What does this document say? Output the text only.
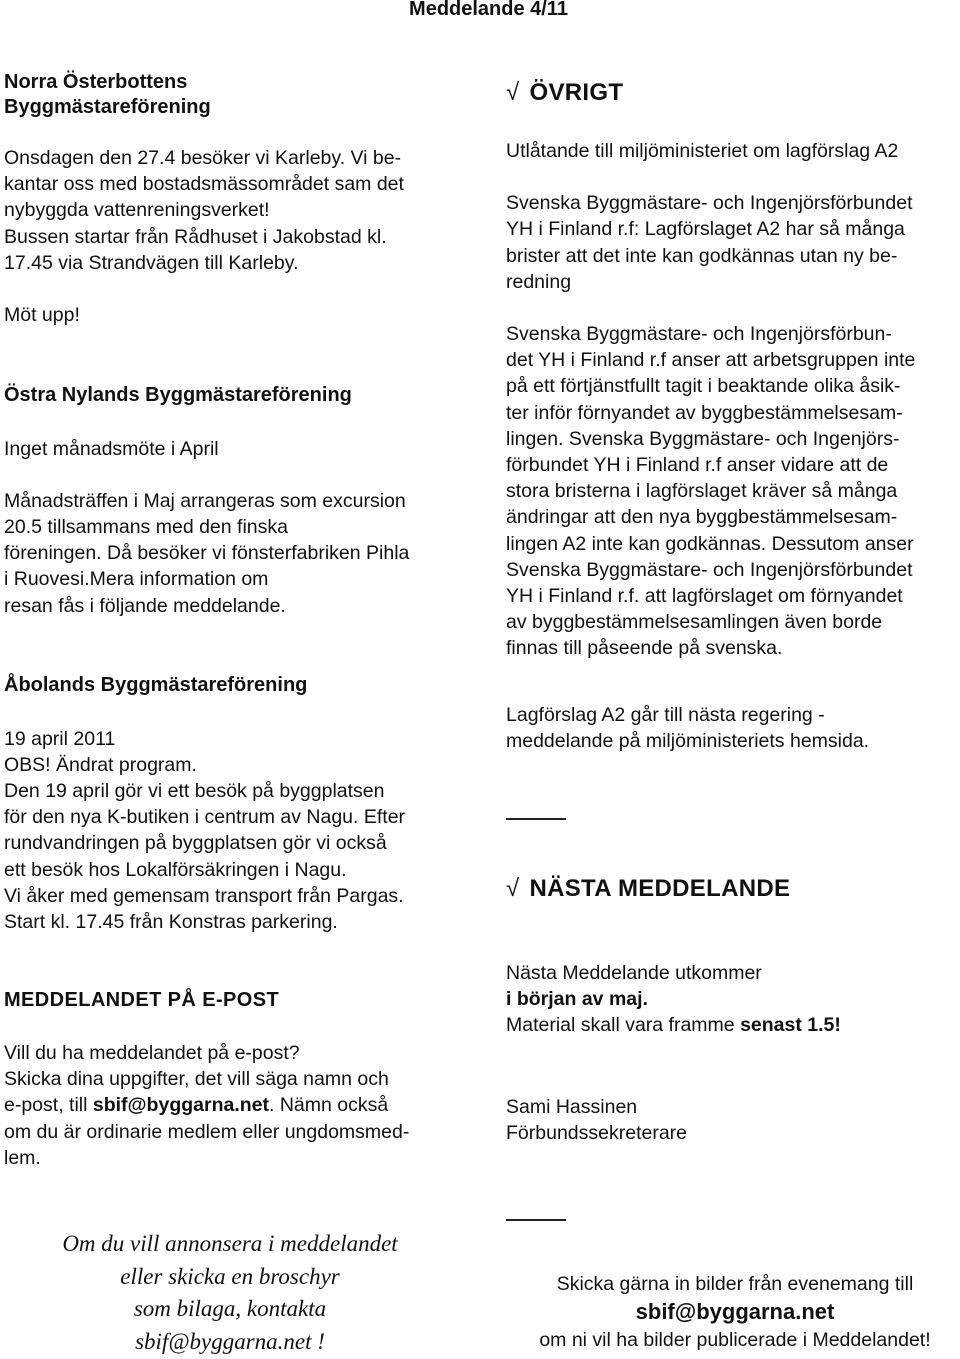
Meddelande 4/11

Norra Österbottens

Byggmästareförening

Onsdagen den 27.4 besöker vi Karleby. Vi be-

kantar oss med bostadsmässområdet sam det

nybyggda vattenreningsverket!

Bussen startar från Rådhuset i Jakobstad kl.

17.45 via Strandvägen till Karleby.

Möt upp!

Östra Nylands Byggmästareförening

Inget månadsmöte i April

Månadsträffen i Maj arrangeras som excursion

20.5 tillsammans med den finska

föreningen. Då besöker vi fönsterfabriken Pihla

i Ruovesi.Mera information om

resan fås i följande meddelande.

Åbolands Byggmästareförening

19 april 2011

OBS! Ändrat program.

Den 19 april gör vi ett besök på byggplatsen

för den nya K-butiken i centrum av Nagu. Efter

rundvandringen på byggplatsen gör vi också

ett besök hos Lokalförsäkringen i Nagu.

Vi åker med gemensam transport från Pargas.

Start kl. 17.45 från Konstras parkering.

MEDDELANDET PÅ E-POST

Vill du ha meddelandet på e-post?

Skicka dina uppgifter, det vill säga namn och

e-post, till sbif@byggarna.net. Nämn också

om du är ordinarie medlem eller ungdomsmed-

lem.

Om du vill annonsera i meddelandet

eller skicka en broschyr

som bilaga, kontakta

sbif@byggarna.net !

√ ÖVRIGT

Utlåtande till miljöministeriet om lagförslag A2

Svenska Byggmästare- och Ingenjörsförbundet

YH i Finland r.f: Lagförslaget A2 har så många

brister att det inte kan godkännas utan ny be-

redning

Svenska Byggmästare- och Ingenjörsförbun-

det YH i Finland r.f anser att arbetsgruppen inte

på ett förtjänstfullt tagit i beaktande olika åsik-

ter inför förnyandet av byggbestämmelsesam-

lingen. Svenska Byggmästare- och Ingenjörs-

förbundet YH i Finland r.f anser vidare att de

stora bristerna i lagförslaget kräver så många

ändringar att den nya byggbestämmelsesam-

lingen A2 inte kan godkännas. Dessutom anser

Svenska Byggmästare- och Ingenjörsförbundet

YH i Finland r.f. att lagförslaget om förnyandet

av byggbestämmelsesamlingen även borde

finnas till påseende på svenska.

Lagförslag A2 går till nästa regering -

meddelande på miljöministeriets hemsida.

√ NÄSTA MEDDELANDE

Nästa Meddelande utkommer

i början av maj.

Material skall vara framme senast 1.5!

Sami Hassinen

Förbundssekreterare

Skicka gärna in bilder från evenemang till

sbif@byggarna.net

om ni vil ha bilder publicerade i Meddelandet!
